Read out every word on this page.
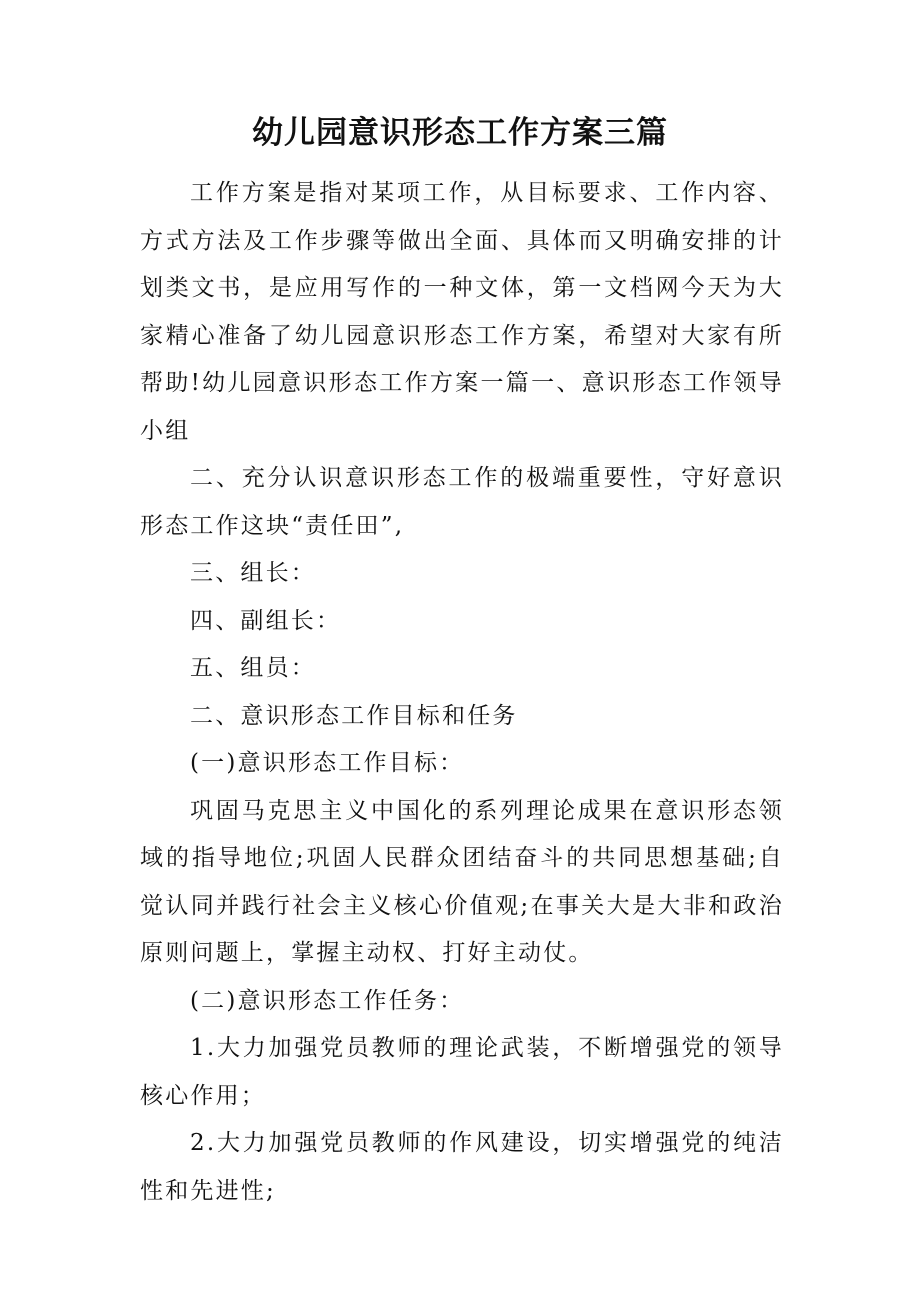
幼儿园意识形态工作方案三篇

工作方案是指对某项工作，从目标要求、工作内容、方式方法及工作步骤等做出全面、具体而又明确安排的计划类文书，是应用写作的一种文体，第一文档网今天为大家精心准备了幼儿园意识形态工作方案，希望对大家有所帮助!幼儿园意识形态工作方案一篇一、意识形态工作领导小组

二、充分认识意识形态工作的极端重要性，守好意识形态工作这块“责任田”,

三、组长：

四、副组长：

五、组员：

二、意识形态工作目标和任务

(一)意识形态工作目标：

巩固马克思主义中国化的系列理论成果在意识形态领域的指导地位;巩固人民群众团结奋斗的共同思想基础;自觉认同并践行社会主义核心价值观;在事关大是大非和政治原则问题上，掌握主动权、打好主动仗。

(二)意识形态工作任务：

1.大力加强党员教师的理论武装，不断增强党的领导核心作用；

2.大力加强党员教师的作风建设，切实增强党的纯洁性和先进性;
